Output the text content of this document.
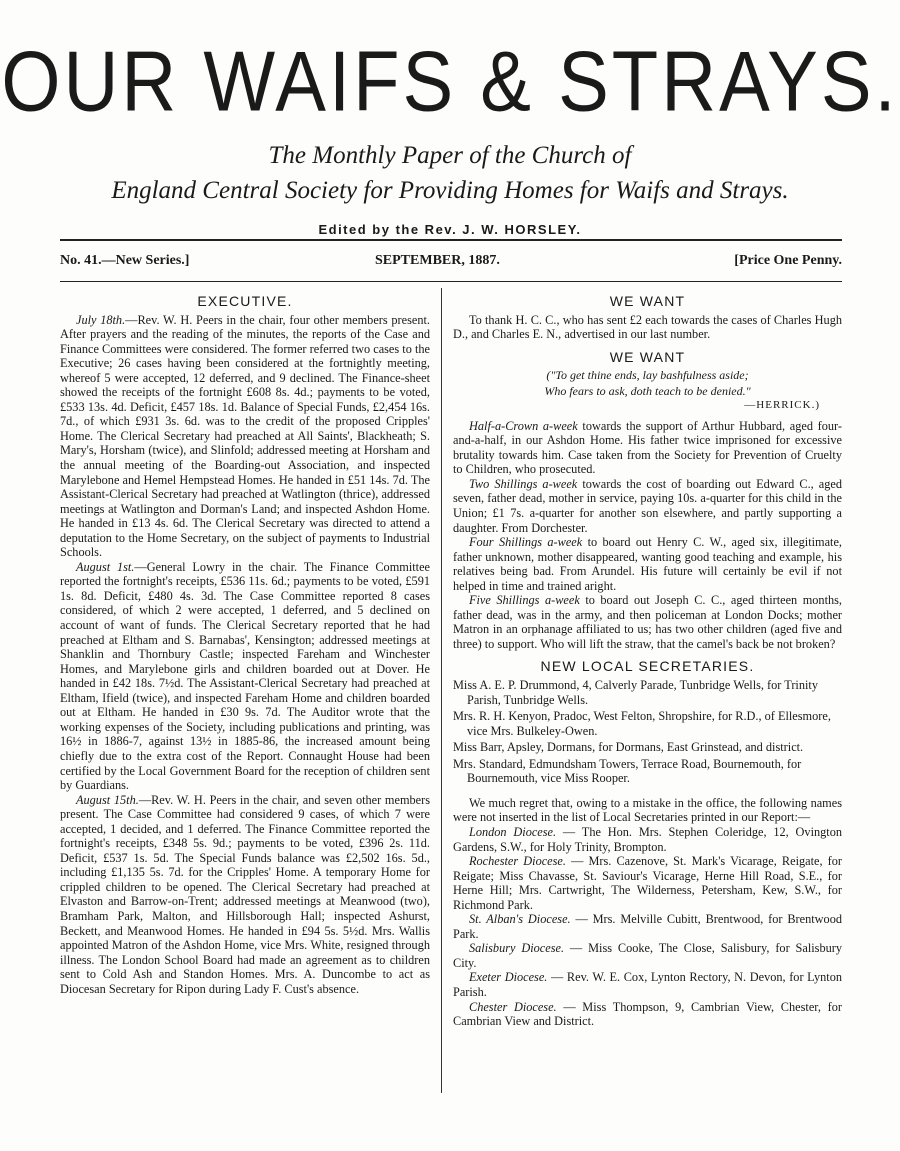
OUR WAIFS & STRAYS.
The Monthly Paper of the Church of
England Central Society for Providing Homes for Waifs and Strays.
Edited by the Rev. J. W. HORSLEY.
No. 41.—New Series.]	SEPTEMBER, 1887.	[Price One Penny.
EXECUTIVE.

July 18th.—Rev. W. H. Peers in the chair, four other members present. After prayers and the reading of the minutes, the reports of the Case and Finance Committees were considered. The former referred two cases to the Executive; 26 cases having been considered at the fortnightly meeting, whereof 5 were accepted, 12 deferred, and 9 declined. The Finance-sheet showed the receipts of the fortnight £608 8s. 4d.; payments to be voted, £533 13s. 4d. Deficit, £457 18s. 1d. Balance of Special Funds, £2,454 16s. 7d., of which £931 3s. 6d. was to the credit of the proposed Cripples' Home. The Clerical Secretary had preached at All Saints', Blackheath; S. Mary's, Horsham (twice), and Slinfold; addressed meeting at Horsham and the annual meeting of the Boarding-out Association, and inspected Marylebone and Hemel Hempstead Homes. He handed in £51 14s. 7d. The Assistant-Clerical Secretary had preached at Watlington (thrice), addressed meetings at Watlington and Dorman's Land; and inspected Ashdon Home. He handed in £13 4s. 6d. The Clerical Secretary was directed to attend a deputation to the Home Secretary, on the subject of payments to Industrial Schools.

August 1st.—General Lowry in the chair. The Finance Committee reported the fortnight's receipts, £536 11s. 6d.; payments to be voted, £591 1s. 8d. Deficit, £480 4s. 3d. The Case Committee reported 8 cases considered, of which 2 were accepted, 1 deferred, and 5 declined on account of want of funds. The Clerical Secretary reported that he had preached at Eltham and S. Barnabas', Kensington; addressed meetings at Shanklin and Thornbury Castle; inspected Fareham and Winchester Homes, and Marylebone girls and children boarded out at Dover. He handed in £42 18s. 7½d. The Assistant-Clerical Secretary had preached at Eltham, Ifield (twice), and inspected Fareham Home and children boarded out at Eltham. He handed in £30 9s. 7d. The Auditor wrote that the working expenses of the Society, including publications and printing, was 16½ in 1886-7, against 13½ in 1885-86, the increased amount being chiefly due to the extra cost of the Report. Connaught House had been certified by the Local Government Board for the reception of children sent by Guardians.

August 15th.—Rev. W. H. Peers in the chair, and seven other members present. The Case Committee had considered 9 cases, of which 7 were accepted, 1 decided, and 1 deferred. The Finance Committee reported the fortnight's receipts, £348 5s. 9d.; payments to be voted, £396 2s. 11d. Deficit, £537 1s. 5d. The Special Funds balance was £2,502 16s. 5d., including £1,135 5s. 7d. for the Cripples' Home. A temporary Home for crippled children to be opened. The Clerical Secretary had preached at Elvaston and Barrow-on-Trent; addressed meetings at Meanwood (two), Bramham Park, Malton, and Hillsborough Hall; inspected Ashurst, Beckett, and Meanwood Homes. He handed in £94 5s. 5½d. Mrs. Wallis appointed Matron of the Ashdon Home, vice Mrs. White, resigned through illness. The London School Board had made an agreement as to children sent to Cold Ash and Standon Homes. Mrs. A. Duncombe to act as Diocesan Secretary for Ripon during Lady F. Cust's absence.

WE WANT

To thank H. C. C., who has sent £2 each towards the cases of Charles Hugh D., and Charles E. N., advertised in our last number.

WE WANT
("To get thine ends, lay bashfulness aside;
Who fears to ask, doth teach to be denied."
—HERRICK.)

Half-a-Crown a-week towards the support of Arthur Hubbard, aged four-and-a-half, in our Ashdon Home. His father twice imprisoned for excessive brutality towards him. Case taken from the Society for Prevention of Cruelty to Children, who prosecuted.

Two Shillings a-week towards the cost of boarding out Edward C., aged seven, father dead, mother in service, paying 10s. a-quarter for this child in the Union; £1 7s. a-quarter for another son elsewhere, and partly supporting a daughter. From Dorchester.

Four Shillings a-week to board out Henry C. W., aged six, illegitimate, father unknown, mother disappeared, wanting good teaching and example, his relatives being bad. From Arundel. His future will certainly be evil if not helped in time and trained aright.

Five Shillings a-week to board out Joseph C. C., aged thirteen months, father dead, was in the army, and then policeman at London Docks; mother Matron in an orphanage affiliated to us; has two other children (aged five and three) to support. Who will lift the straw, that the camel's back be not broken?

NEW LOCAL SECRETARIES.

Miss A. E. P. Drummond, 4, Calverly Parade, Tunbridge Wells, for Trinity Parish, Tunbridge Wells.

Mrs. R. H. Kenyon, Pradoc, West Felton, Shropshire, for R.D., of Ellesmore, vice Mrs. Bulkeley-Owen.

Miss Barr, Apsley, Dormans, for Dormans, East Grinstead, and district.

Mrs. Standard, Edmundsham Towers, Terrace Road, Bournemouth, for Bournemouth, vice Miss Rooper.

We much regret that, owing to a mistake in the office, the following names were not inserted in the list of Local Secretaries printed in our Report:—

London Diocese. — The Hon. Mrs. Stephen Coleridge, 12, Ovington Gardens, S.W., for Holy Trinity, Brompton.

Rochester Diocese. — Mrs. Cazenove, St. Mark's Vicarage, Reigate, for Reigate; Miss Chavasse, St. Saviour's Vicarage, Herne Hill Road, S.E., for Herne Hill; Mrs. Cartwright, The Wilderness, Petersham, Kew, S.W., for Richmond Park.

St. Alban's Diocese. — Mrs. Melville Cubitt, Brentwood, for Brentwood Park.

Salisbury Diocese. — Miss Cooke, The Close, Salisbury, for Salisbury City.

Exeter Diocese. — Rev. W. E. Cox, Lynton Rectory, N. Devon, for Lynton Parish.

Chester Diocese. — Miss Thompson, 9, Cambrian View, Chester, for Cambrian View and District.
